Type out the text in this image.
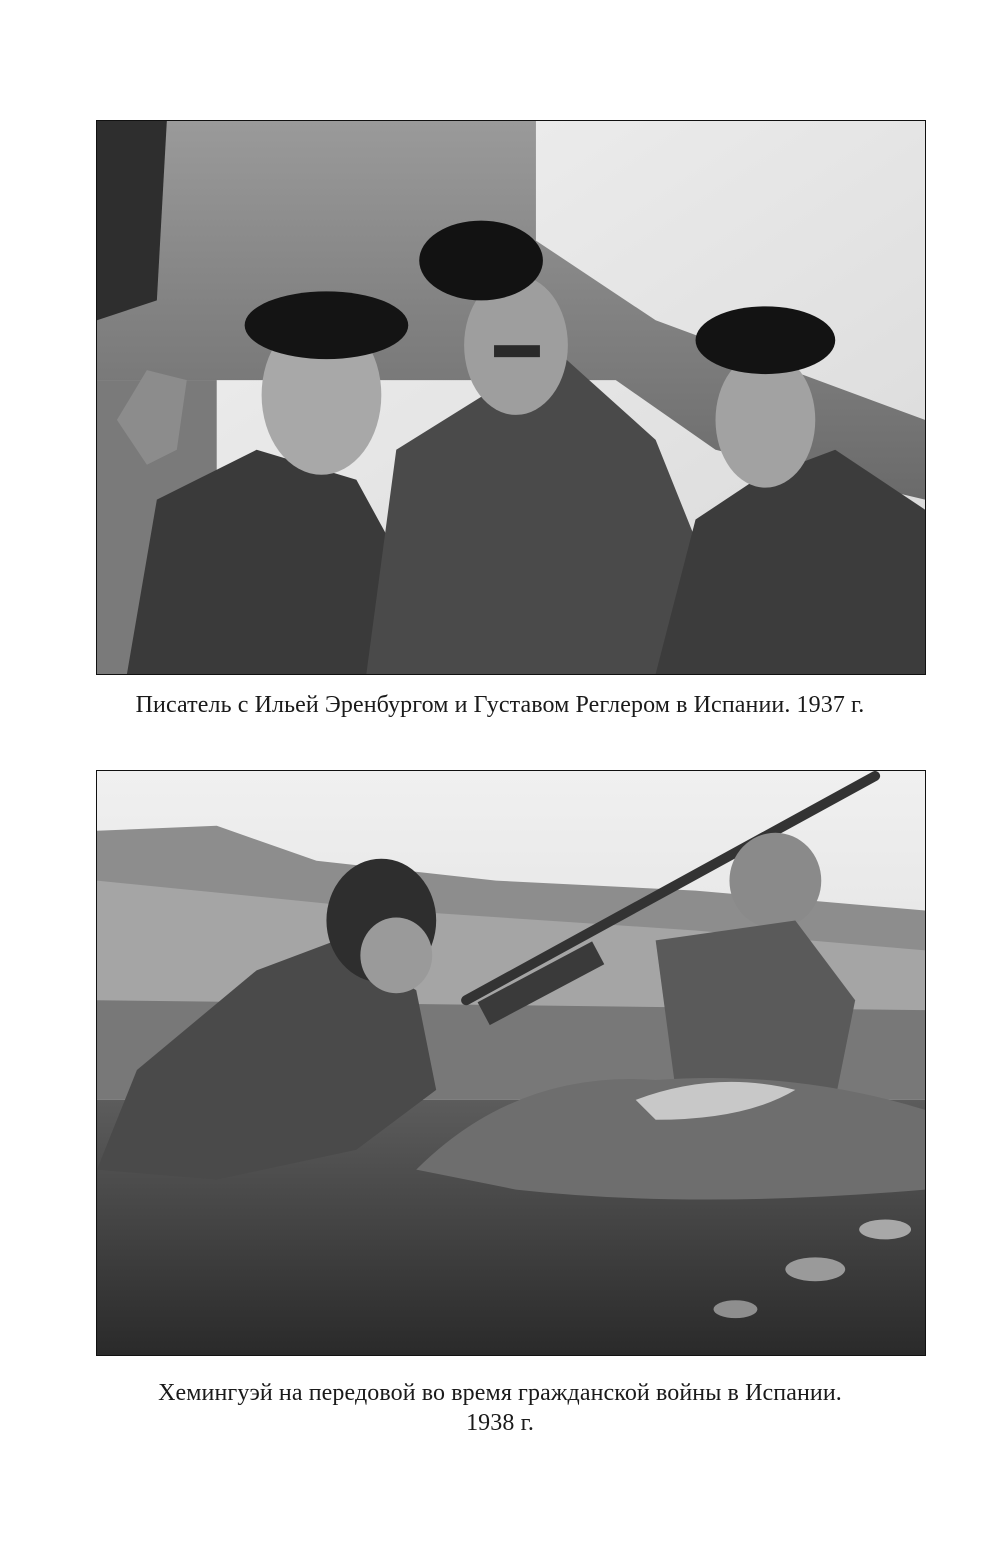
Писатель с Ильей Эренбургом и Густавом Реглером в Испании. 1937 г.
Хемингуэй на передовой во время гражданской войны в Испании.
1938 г.
